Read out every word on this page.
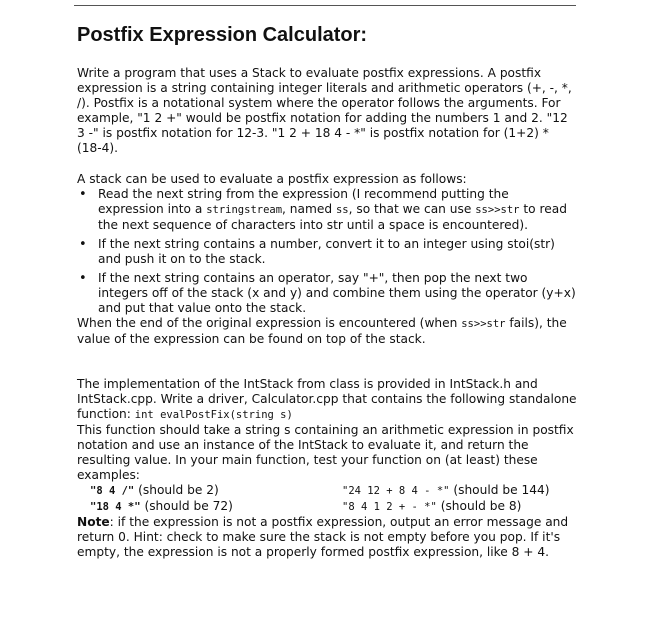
Postfix Expression Calculator:

Write a program that uses a Stack to evaluate postfix expressions. A postfix expression is a string containing integer literals and arithmetic operators (+, -, *, /). Postfix is a notational system where the operator follows the arguments. For example, "1 2 +" would be postfix notation for adding the numbers 1 and 2. "12 3 -" is postfix notation for 12-3. "1 2 + 18 4 - *" is postfix notation for (1+2) * (18-4).

A stack can be used to evaluate a postfix expression as follows:

• Read the next string from the expression (I recommend putting the expression into a stringstream, named ss, so that we can use ss>>str to read the next sequence of characters into str until a space is encountered).
• If the next string contains a number, convert it to an integer using stoi(str) and push it on to the stack.
• If the next string contains an operator, say "+", then pop the next two integers off of the stack (x and y) and combine them using the operator (y+x) and put that value onto the stack.

When the end of the original expression is encountered (when ss>>str fails), the value of the expression can be found on top of the stack.

The implementation of the IntStack from class is provided in IntStack.h and IntStack.cpp. Write a driver, Calculator.cpp that contains the following standalone function: int evalPostFix(string s)

This function should take a string s containing an arithmetic expression in postfix notation and use an instance of the IntStack to evaluate it, and return the resulting value. In your main function, test your function on (at least) these examples:

"8 4 /" (should be 2)	"24 12 + 8 4 - *" (should be 144)
"18 4 *" (should be 72)	"8 4 1 2 + - *" (should be 8)

Note: if the expression is not a postfix expression, output an error message and return 0. Hint: check to make sure the stack is not empty before you pop. If it's empty, the expression is not a properly formed postfix expression, like 8 + 4.
